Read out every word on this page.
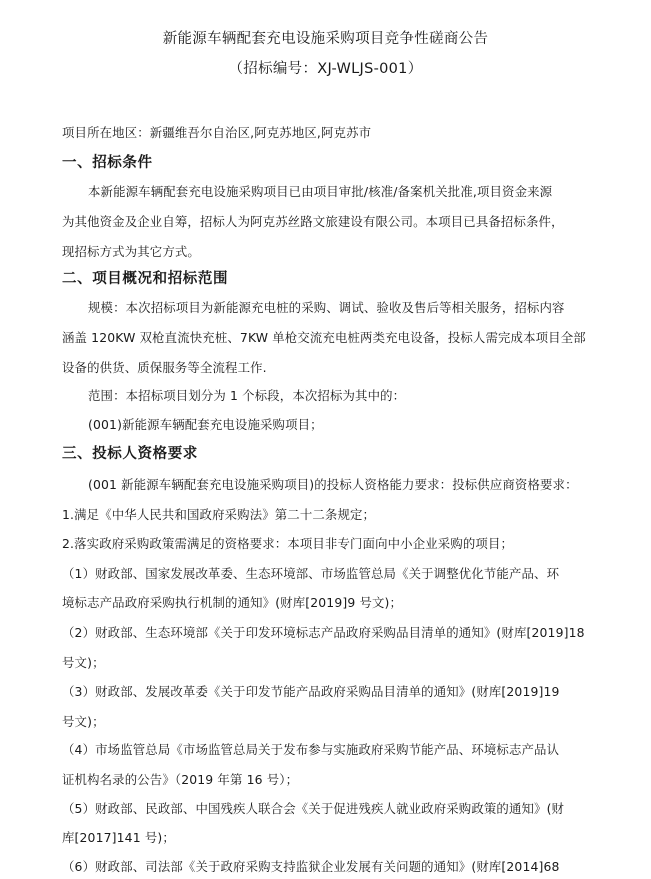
新能源车辆配套充电设施采购项目竞争性磋商公告
（招标编号：XJ-WLJS-001）
项目所在地区：新疆维吾尔自治区,阿克苏地区,阿克苏市
一、招标条件
本新能源车辆配套充电设施采购项目已由项目审批/核准/备案机关批准,项目资金来源
为其他资金及企业自筹，招标人为阿克苏丝路文旅建设有限公司。本项目已具备招标条件，
现招标方式为其它方式。
二、项目概况和招标范围
规模：本次招标项目为新能源充电桩的采购、调试、验收及售后等相关服务，招标内容
涵盖 120KW 双枪直流快充桩、7KW 单枪交流充电桩两类充电设备，投标人需完成本项目全部
设备的供货、质保服务等全流程工作.
范围：本招标项目划分为 1 个标段，本次招标为其中的：
(001)新能源车辆配套充电设施采购项目；
三、投标人资格要求
(001 新能源车辆配套充电设施采购项目)的投标人资格能力要求：投标供应商资格要求：
1.满足《中华人民共和国政府采购法》第二十二条规定；
2.落实政府采购政策需满足的资格要求：本项目非专门面向中小企业采购的项目；
（1）财政部、国家发展改革委、生态环境部、市场监管总局《关于调整优化节能产品、环
境标志产品政府采购执行机制的通知》(财库[2019]9 号文)；
（2）财政部、生态环境部《关于印发环境标志产品政府采购品目清单的通知》(财库[2019]18
号文)；
（3）财政部、发展改革委《关于印发节能产品政府采购品目清单的通知》(财库[2019]19
号文)；
（4）市场监管总局《市场监管总局关于发布参与实施政府采购节能产品、环境标志产品认
证机构名录的公告》（2019 年第 16 号）；
（5）财政部、民政部、中国残疾人联合会《关于促进残疾人就业政府采购政策的通知》(财
库[2017]141 号)；
（6）财政部、司法部《关于政府采购支持监狱企业发展有关问题的通知》(财库[2014]68
